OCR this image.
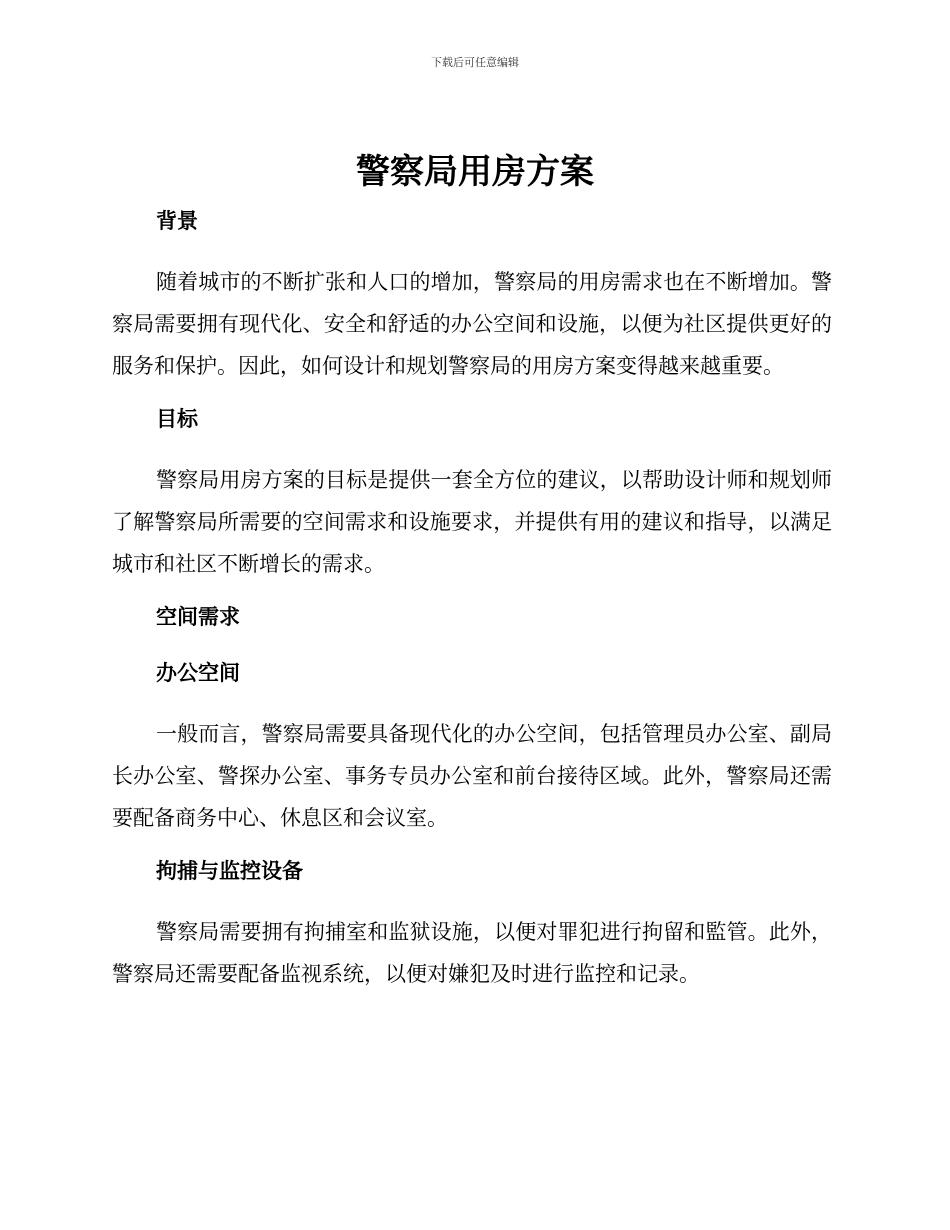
下载后可任意编辑
警察局用房方案
背景

随着城市的不断扩张和人口的增加，警察局的用房需求也在不断增加。警察局需要拥有现代化、安全和舒适的办公空间和设施，以便为社区提供更好的服务和保护。因此，如何设计和规划警察局的用房方案变得越来越重要。

目标

警察局用房方案的目标是提供一套全方位的建议，以帮助设计师和规划师了解警察局所需要的空间需求和设施要求，并提供有用的建议和指导，以满足城市和社区不断增长的需求。

空间需求
办公空间

一般而言，警察局需要具备现代化的办公空间，包括管理员办公室、副局长办公室、警探办公室、事务专员办公室和前台接待区域。此外，警察局还需要配备商务中心、休息区和会议室。

拘捕与监控设备

警察局需要拥有拘捕室和监狱设施，以便对罪犯进行拘留和監管。此外，警察局还需要配备监视系统，以便对嫌犯及时进行监控和记录。
